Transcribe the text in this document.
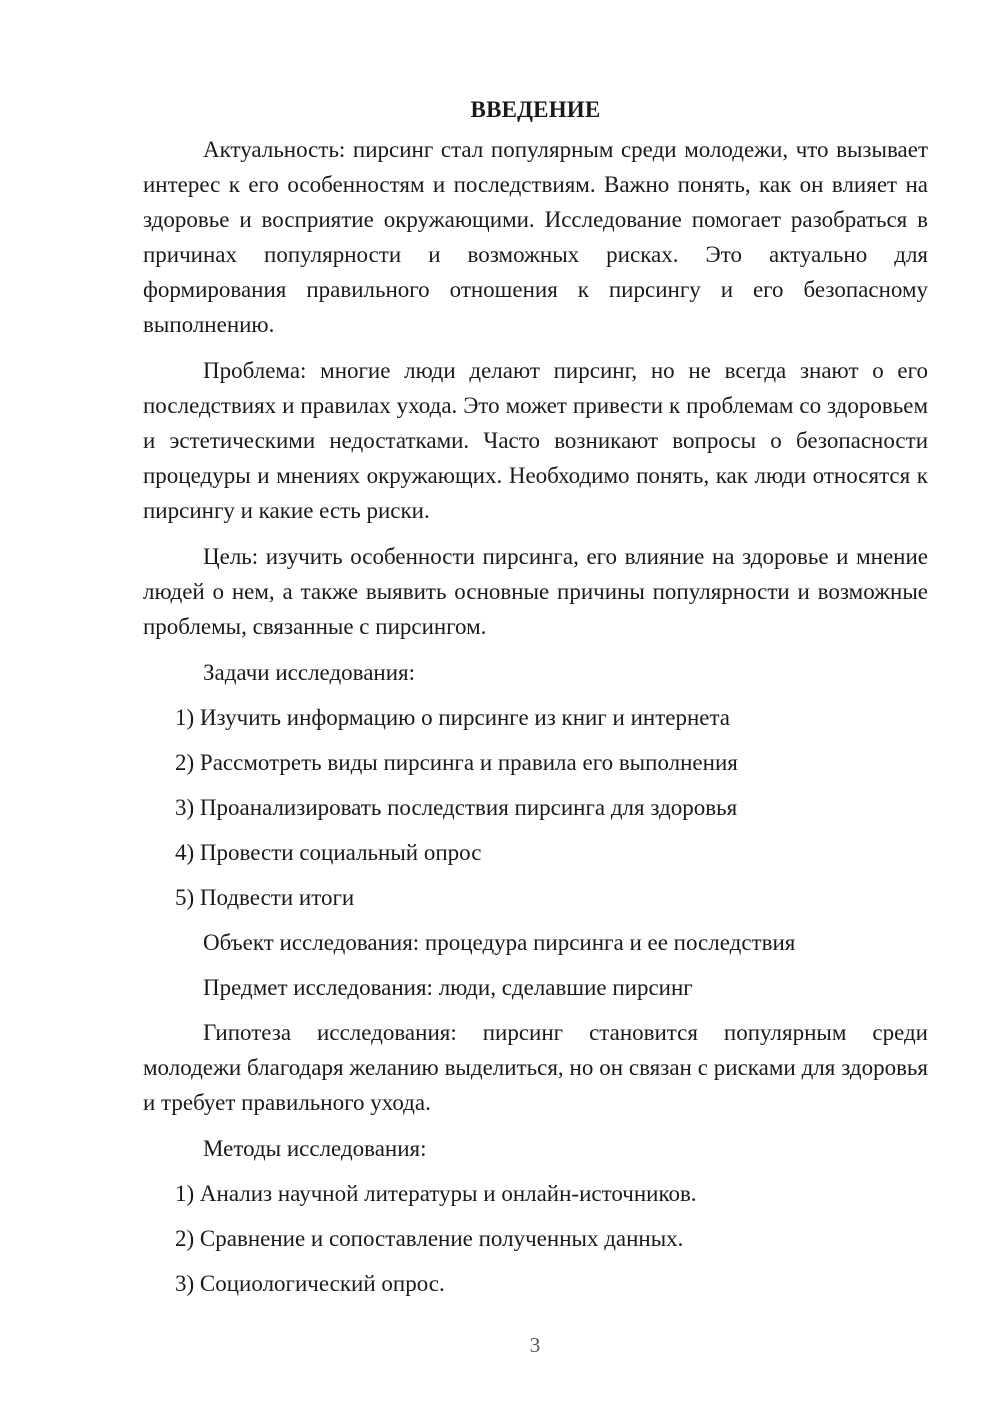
ВВЕДЕНИЕ

Актуальность: пирсинг стал популярным среди молодежи, что вызывает интерес к его особенностям и последствиям. Важно понять, как он влияет на здоровье и восприятие окружающими. Исследование помогает разобраться в причинах популярности и возможных рисках. Это актуально для формирования правильного отношения к пирсингу и его безопасному выполнению.

Проблема: многие люди делают пирсинг, но не всегда знают о его последствиях и правилах ухода. Это может привести к проблемам со здоровьем и эстетическими недостатками. Часто возникают вопросы о безопасности процедуры и мнениях окружающих. Необходимо понять, как люди относятся к пирсингу и какие есть риски.

Цель: изучить особенности пирсинга, его влияние на здоровье и мнение людей о нем, а также выявить основные причины популярности и возможные проблемы, связанные с пирсингом.

Задачи исследования:
1) Изучить информацию о пирсинге из книг и интернета
2) Рассмотреть виды пирсинга и правила его выполнения
3) Проанализировать последствия пирсинга для здоровья
4) Провести социальный опрос
5) Подвести итоги
Объект исследования: процедура пирсинга и ее последствия
Предмет исследования: люди, сделавшие пирсинг

Гипотеза исследования: пирсинг становится популярным среди молодежи благодаря желанию выделиться, но он связан с рисками для здоровья и требует правильного ухода.

Методы исследования:
1) Анализ научной литературы и онлайн-источников.
2) Сравнение и сопоставление полученных данных.
3) Социологический опрос.
3
